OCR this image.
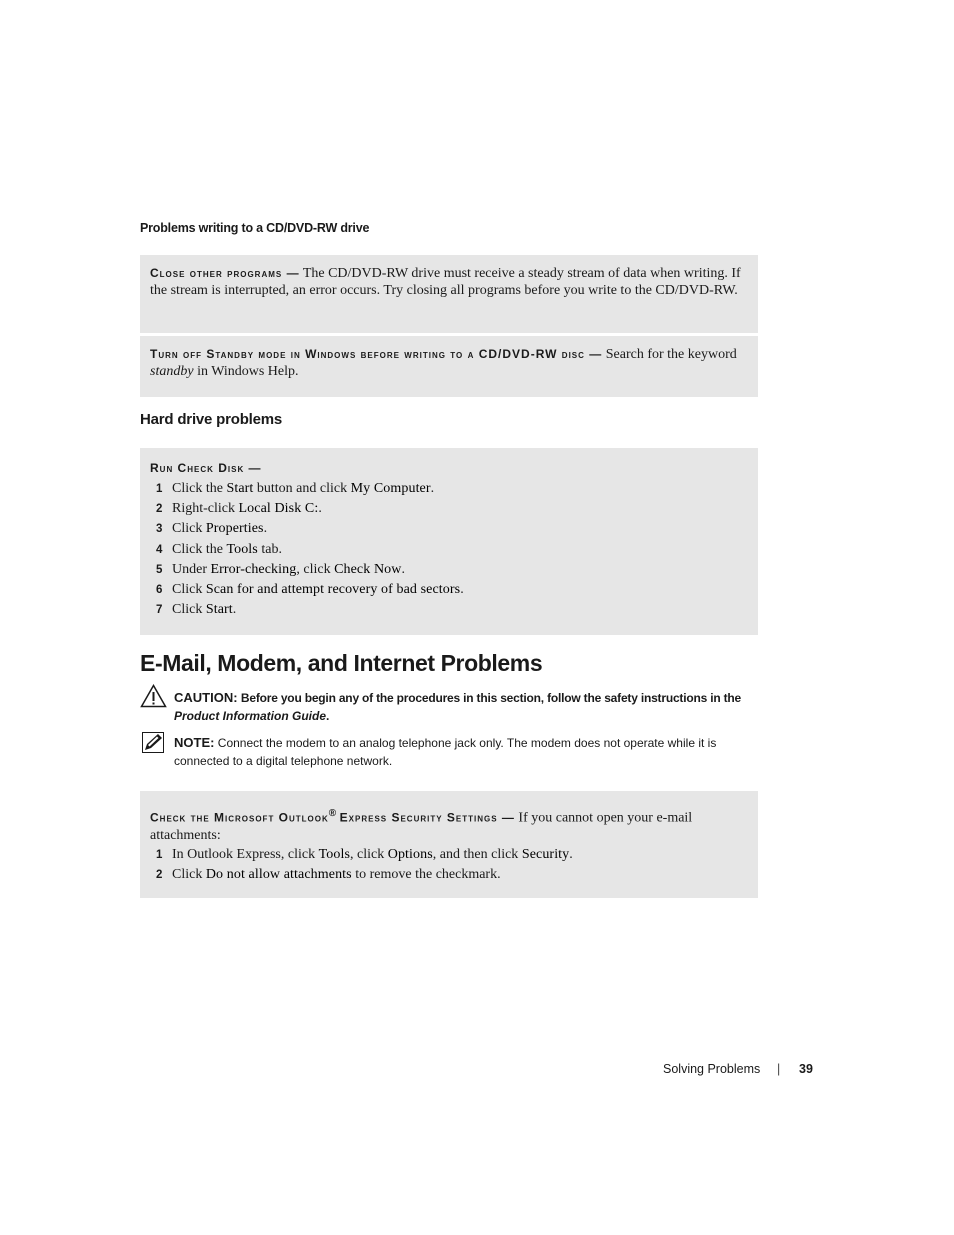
Problems writing to a CD/DVD-RW drive
Close other programs — The CD/DVD-RW drive must receive a steady stream of data when writing. If the stream is interrupted, an error occurs. Try closing all programs before you write to the CD/DVD-RW.
Turn off Standby mode in Windows before writing to a CD/DVD-RW disc — Search for the keyword standby in Windows Help.
Hard drive problems
Run Check Disk —
1 Click the Start button and click My Computer.
2 Right-click Local Disk C:.
3 Click Properties.
4 Click the Tools tab.
5 Under Error-checking, click Check Now.
6 Click Scan for and attempt recovery of bad sectors.
7 Click Start.
E-Mail, Modem, and Internet Problems
CAUTION: Before you begin any of the procedures in this section, follow the safety instructions in the Product Information Guide.
NOTE: Connect the modem to an analog telephone jack only. The modem does not operate while it is connected to a digital telephone network.
Check the Microsoft Outlook® Express Security Settings — If you cannot open your e-mail attachments:
1 In Outlook Express, click Tools, click Options, and then click Security.
2 Click Do not allow attachments to remove the checkmark.
Solving Problems | 39
